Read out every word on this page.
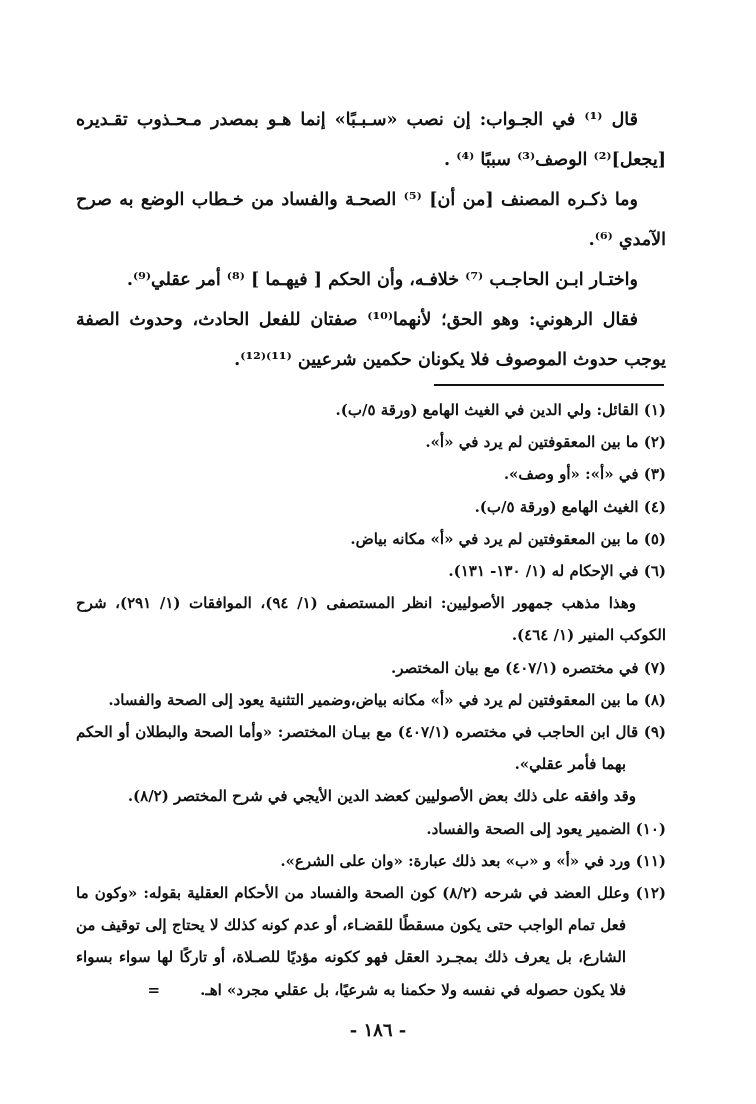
قال ⁽¹⁾ في الجـواب: إن نصب «سـبـبًا» إنما هـو بمصدر مـحـذوب تقـديره [يجعل]⁽²⁾ الوصف⁽³⁾ سببًا ⁽⁴⁾ .

وما ذكـره المصنف [من أن] ⁽⁵⁾ الصحـة والفساد من خـطاب الوضع به صرح الآمدي ⁽⁶⁾.

واختـار ابـن الحاجـب ⁽⁷⁾ خلافـه، وأن الحكم [ فيهـما ] ⁽⁸⁾ أمر عقلي⁽⁹⁾.

فقال الرهوني: وهو الحق؛ لأنهما⁽¹⁰⁾ صفتان للفعل الحادث، وحدوث الصفة يوجب حدوث الموصوف فلا يكونان حكمين شرعيين ⁽¹¹⁾⁽¹²⁾.

(١) القائل: ولي الدين في الغيث الهامع (ورقة ٥/ب).

(٢) ما بين المعقوفتين لم يرد في «أ».

(٣) في «أ»: «أو وصف».

(٤) الغيث الهامع (ورقة ٥/ب).

(٥) ما بين المعقوفتين لم يرد في «أ» مكانه بياض.

(٦) في الإحكام له (١/ ١٣٠- ١٣١).

وهذا مذهب جمهور الأصوليين: انظر المستصفى (١/ ٩٤)، الموافقات (١/ ٢٩١)، شرح الكوكب المنير (١/ ٤٦٤).

(٧) في مختصره (٤٠٧/١) مع بيان المختصر.

(٨) ما بين المعقوفتين لم يرد في «أ» مكانه بياض،وضمير التثنية يعود إلى الصحة والفساد.

(٩) قال ابن الحاجب في مختصره (٤٠٧/١) مع بيـان المختصر: «وأما الصحة والبطلان أو الحكم بهما فأمر عقلي».

وقد وافقه على ذلك بعض الأصوليين كعضد الدين الأيجي في شرح المختصر (٨/٢).

(١٠) الضمير يعود إلى الصحة والفساد.

(١١) ورد في «أ» و «ب» بعد ذلك عبارة: «وان على الشرع».

(١٢) وعلل العضد في شرحه (٨/٢) كون الصحة والفساد من الأحكام العقلية بقوله: «وكون ما فعل تمام الواجب حتى يكون مسقطًا للقضـاء، أو عدم كونه كذلك لا يحتاج إلى توقيف من الشارع، بل يعرف ذلك بمجـرد العقل فهو ككونه مؤديًا للصـلاة، أو تاركًا لها سواء بسواء فلا يكون حصوله في نفسه ولا حكمنا به شرعيًا، بل عقلي مجرد» اهـ.=

- ١٨٦ -
